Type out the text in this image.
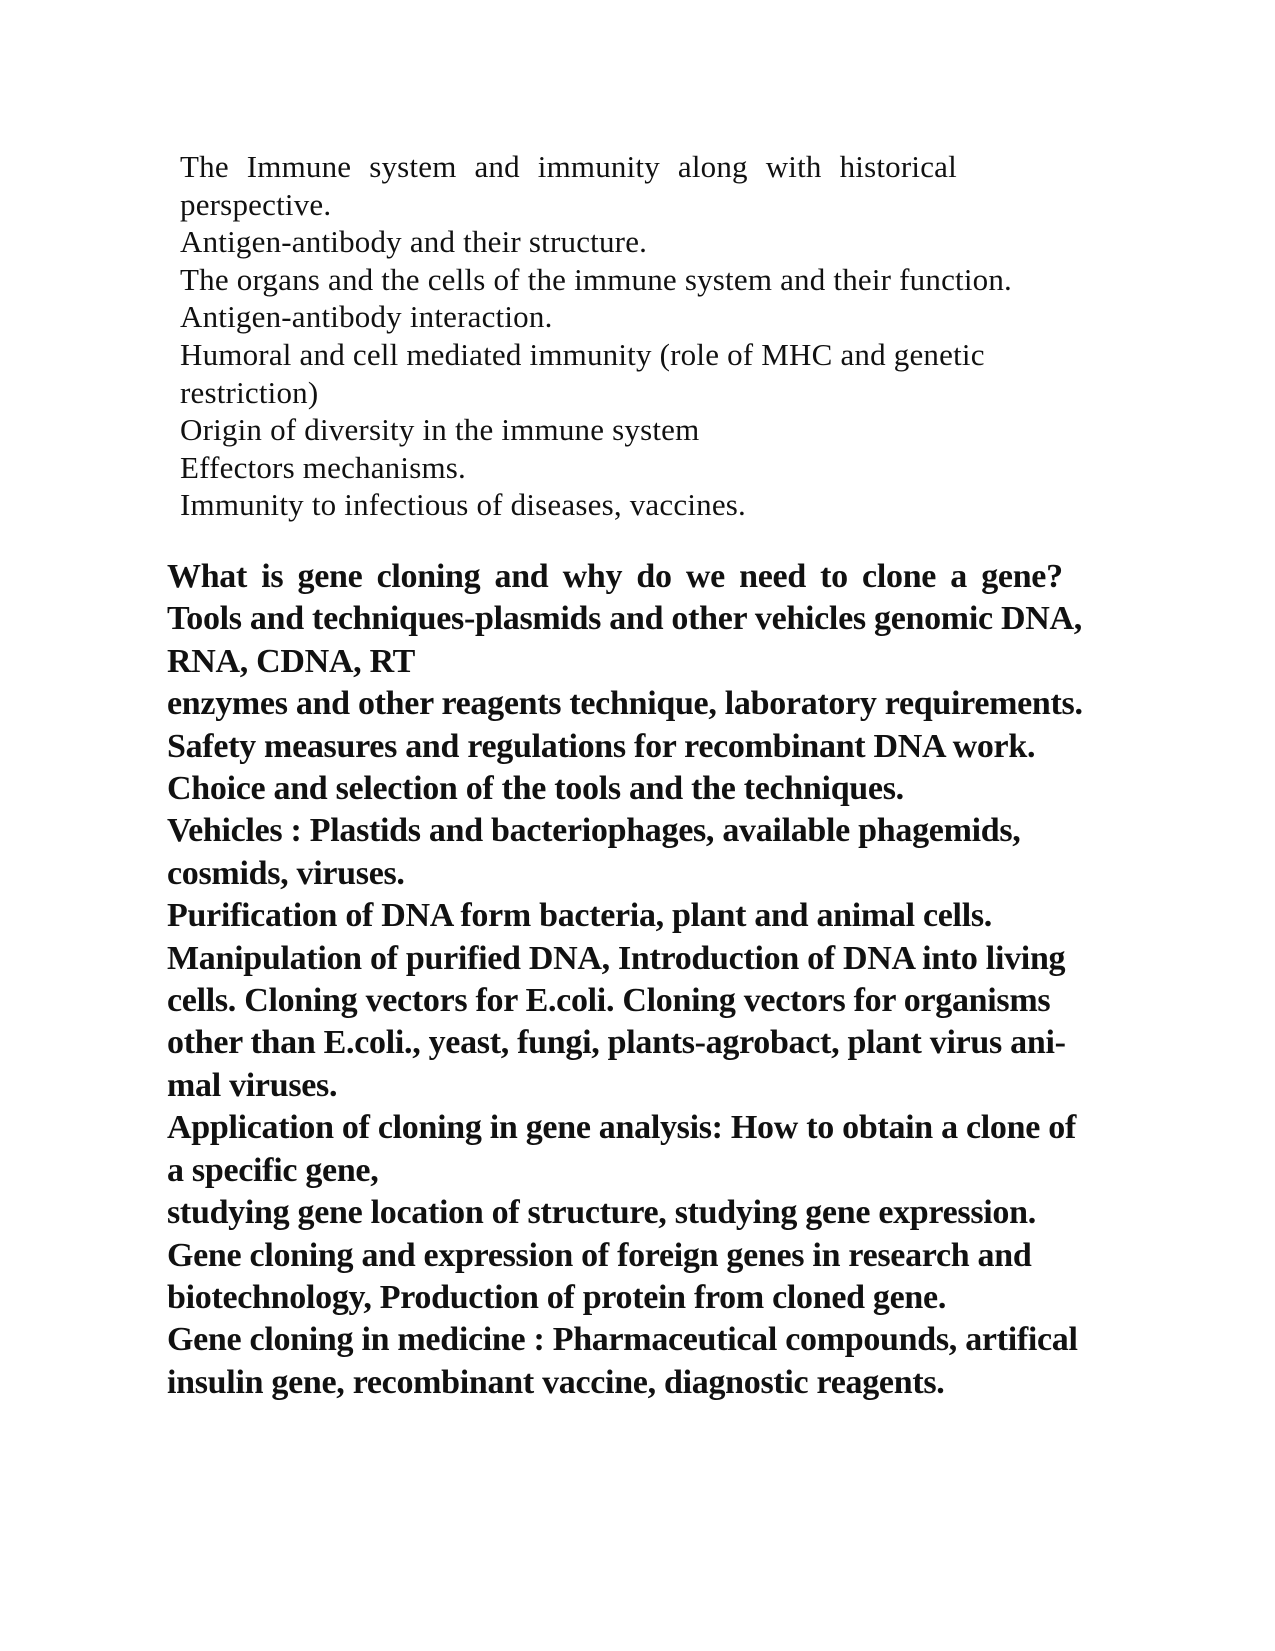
The Immune system and immunity along with historical
perspective.
Antigen-antibody and their structure.
The organs and the cells of the immune system and their function.
Antigen-antibody interaction.
Humoral and cell mediated immunity (role of MHC and genetic
restriction)
Origin of diversity in the immune system
Effectors mechanisms.
Immunity to infectious of diseases, vaccines.
What is gene cloning and why do we need to clone a gene?
Tools and techniques-plasmids and other vehicles genomic DNA,
RNA, CDNA, RT
enzymes and other reagents technique, laboratory requirements.
Safety measures and regulations for recombinant DNA work.
Choice and selection of the tools and the techniques.
Vehicles : Plastids and bacteriophages, available phagemids,
cosmids, viruses.
Purification of DNA form bacteria, plant and animal cells.
Manipulation of purified DNA, Introduction of DNA into living
cells. Cloning vectors for E.coli. Cloning vectors for organisms
other than E.coli., yeast, fungi, plants-agrobact, plant virus ani-
mal viruses.
Application of cloning in gene analysis: How to obtain a clone of
a specific gene,
studying gene location of structure, studying gene expression.
Gene cloning and expression of foreign genes in research and
biotechnology, Production of protein from cloned gene.
Gene cloning in medicine : Pharmaceutical compounds, artifical
insulin gene, recombinant vaccine, diagnostic reagents.
